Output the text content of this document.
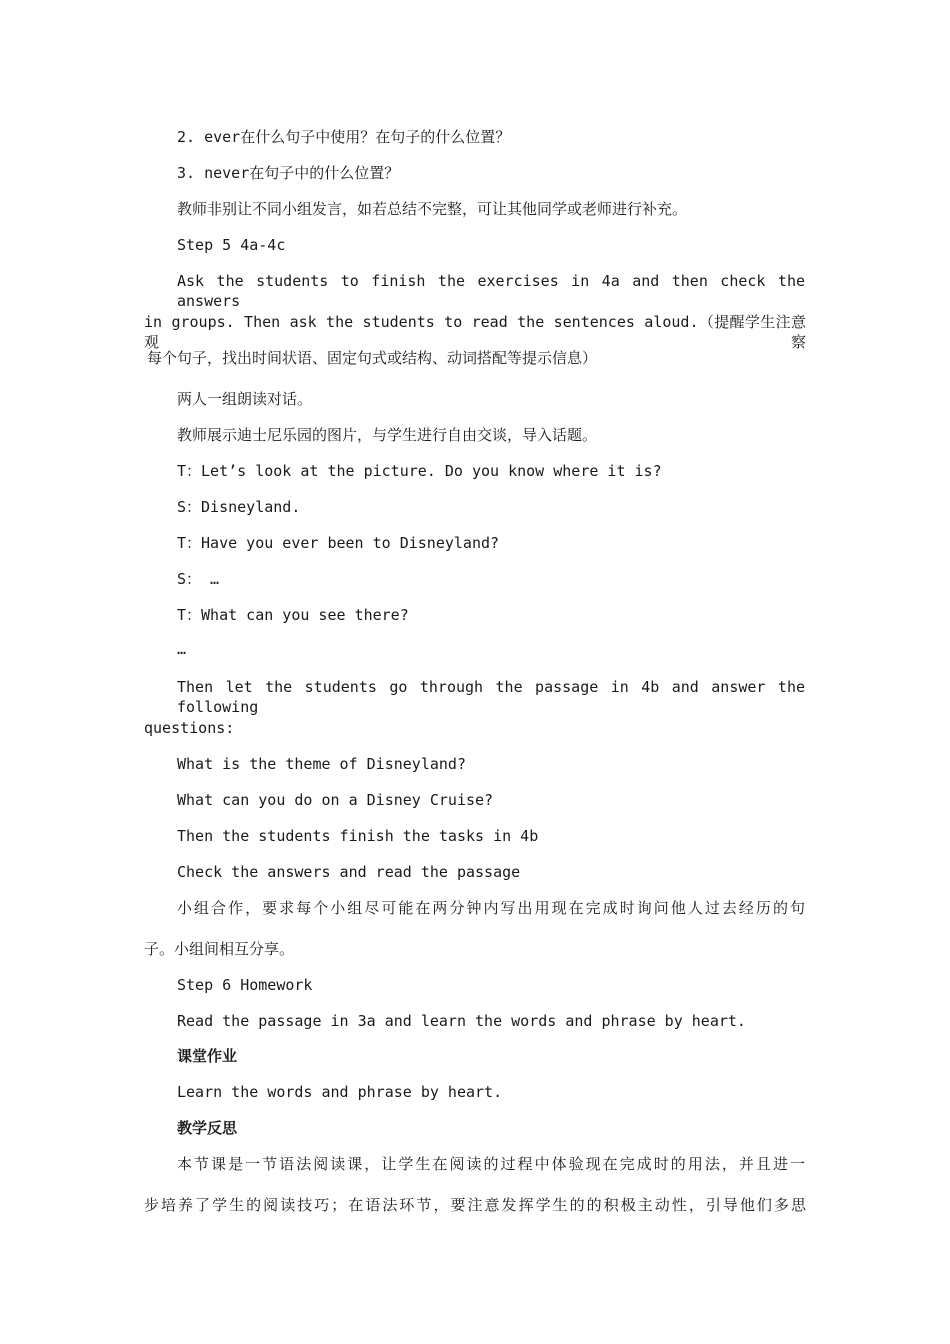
2. ever在什么句子中使用？在句子的什么位置？
3. never在句子中的什么位置？
教师非别让不同小组发言，如若总结不完整，可让其他同学或老师进行补充。
Step 5 4a-4c
Ask the students to finish the exercises in 4a and then check the answers
in groups. Then ask the students to read the sentences aloud.（提醒学生注意观察
每个句子，找出时间状语、固定句式或结构、动词搭配等提示信息）
两人一组朗读对话。
教师展示迪士尼乐园的图片，与学生进行自由交谈，导入话题。
T：Let’s look at the picture. Do you know where it is?
S：Disneyland.
T：Have you ever been to Disneyland?
S： …
T：What can you see there?
…
Then let the students go through the passage in 4b and answer the following
questions:
What is the theme of Disneyland?
What can you do on a Disney Cruise?
Then the students finish the tasks in 4b
Check the answers and read the passage
小组合作，要求每个小组尽可能在两分钟内写出用现在完成时询问他人过去经历的句
子。小组间相互分享。
Step 6 Homework
Read the passage in 3a and learn the words and phrase by heart.
课堂作业
Learn the words and phrase by heart.
教学反思
本节课是一节语法阅读课，让学生在阅读的过程中体验现在完成时的用法，并且进一
步培养了学生的阅读技巧；在语法环节，要注意发挥学生的的积极主动性，引导他们多思
